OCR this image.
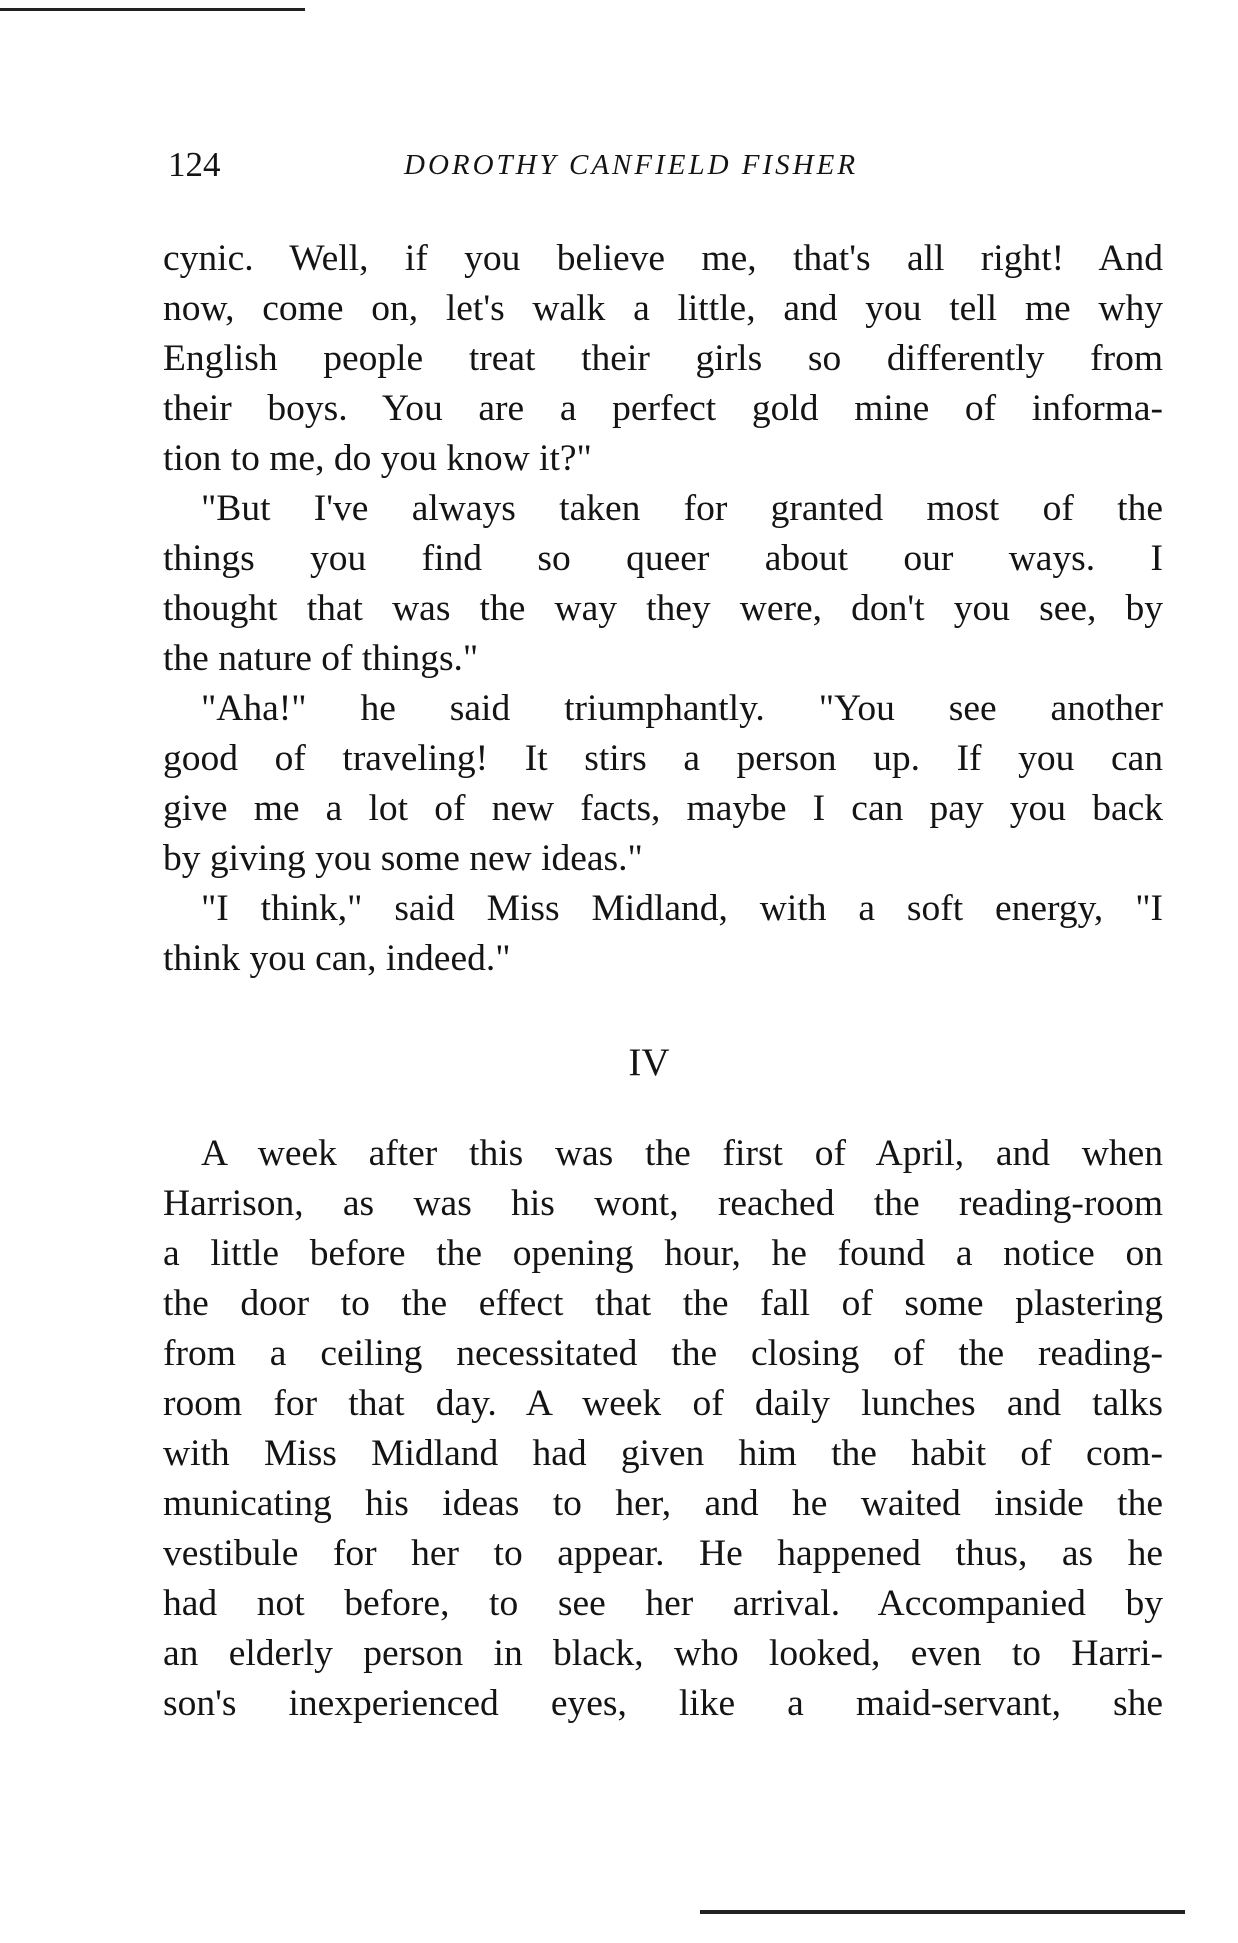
124	DOROTHY CANFIELD FISHER
cynic. Well, if you believe me, that's all right! And
now, come on, let's walk a little, and you tell me why
English people treat their girls so differently from
their boys. You are a perfect gold mine of informa-
tion to me, do you know it?"
"But I've always taken for granted most of the
things you find so queer about our ways. I
thought that was the way they were, don't you see, by
the nature of things."
"Aha!" he said triumphantly. "You see another
good of traveling! It stirs a person up. If you can
give me a lot of new facts, maybe I can pay you back
by giving you some new ideas."
"I think," said Miss Midland, with a soft energy, "I
think you can, indeed."
IV
A week after this was the first of April, and when
Harrison, as was his wont, reached the reading-room
a little before the opening hour, he found a notice on
the door to the effect that the fall of some plastering
from a ceiling necessitated the closing of the reading-
room for that day. A week of daily lunches and talks
with Miss Midland had given him the habit of com-
municating his ideas to her, and he waited inside the
vestibule for her to appear. He happened thus, as he
had not before, to see her arrival. Accompanied by
an elderly person in black, who looked, even to Harri-
son's inexperienced eyes, like a maid-servant, she
